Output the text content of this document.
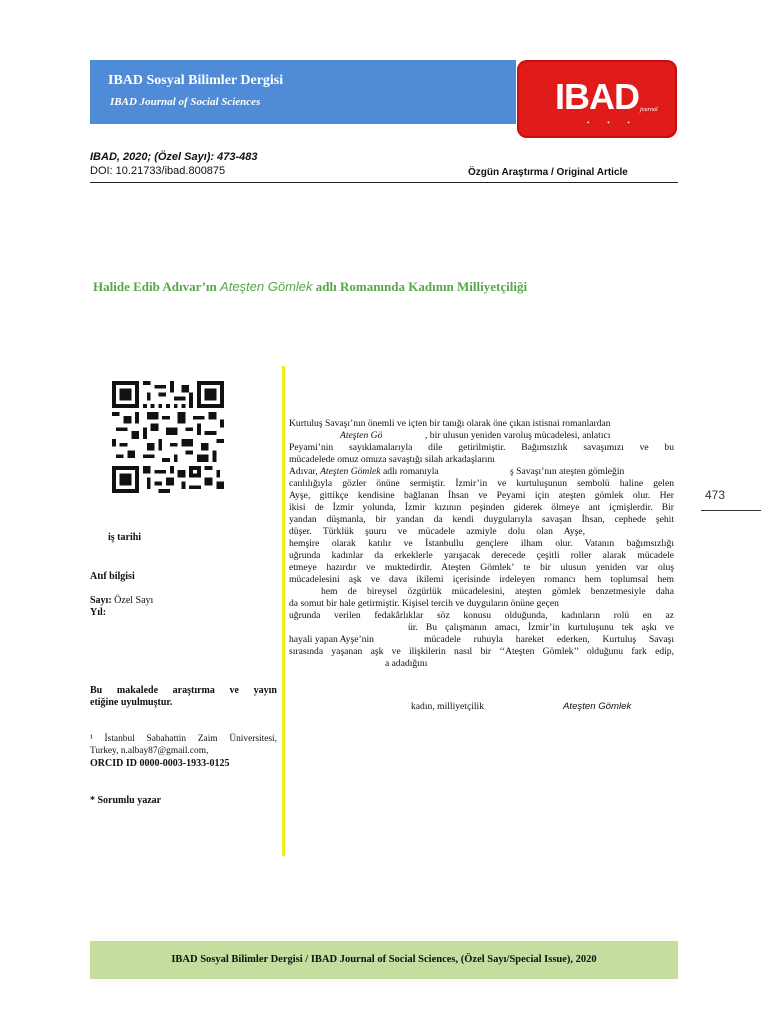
IBAD Sosyal Bilimler Dergisi
IBAD Journal of Social Sciences	IBAD journal
• • •
IBAD, 2020; (Özel Sayı): 473-483
DOI: 10.21733/ibad.800875	Özgün Araştırma / Original Article
Halide Edib Adıvar’ın Ateşten Gömlek adlı Romanında Kadının Milliyetçiliği
iş tarihi
Atıf bilgisi
Sayı: Özel Sayı
Yıl:
Bu makalede araştırma ve yayın
etiğine uyulmuştur.
¹ İstanbul Sabahattin Zaim Üniversitesi,
Turkey, n.albay87@gmail.com,
ORCID ID 0000-0003-1933-0125
* Sorumlu yazar
Kurtuluş Savaşı’nın önemli ve içten bir tanığı olarak öne çıkan istisnai romanlardan
Ateşten Gö	, bir ulusun yeniden varoluş mücadelesi, anlatıcı
Peyami’nin sayıklamalarıyla dile getirilmiştir. Bağımsızlık savaşımızı ve bu
mücadelede omuz omuza savaştığı silah arkadaşlarını
Adıvar, Ateşten Gömlek adlı romanıyla	ş Savaşı’nın ateşten gömleğin
canlılığıyla gözler önüne sermiştir. İzmir’in ve kurtuluşunun sembolü haline gelen
Ayşe, gittikçe kendisine bağlanan İhsan ve Peyami için ateşten gömlek olur. Her
ikisi de İzmir yolunda, İzmir kızının peşinden giderek ölmeye ant içmişlerdir. Bir
yandan düşmanla, bir yandan da kendi duygularıyla savaşan İhsan, cephede şehit
düşer. Türklük şuuru ve mücadele azmiyle dolu olan Ayşe,
hemşire olarak katılır ve İstanbullu gençlere ilham olur. Vatanın bağımsızlığı
uğrunda kadınlar da erkeklerle yarışacak derecede çeşitli roller alarak mücadele
etmeye hazırdır ve muktedirdir. Ateşten Gömlek’ te bir ulusun yeniden var oluş
mücadelesini aşk ve dava ikilemi içerisinde irdeleyen romancı hem toplumsal hem
hem de bireysel özgürlük mücadelesini, ateşten gömlek benzetmesiyle daha
da somut bir hale getirmiştir. Kişisel tercih ve duyguların önüne geçen
uğrunda verilen fedakârlıklar söz konusu olduğunda, kadınların rolü en az
ür. Bu çalışmanın amacı, İzmir’in kurtuluşunu tek aşkı ve
hayali yapan Ayşe’nin	mücadele ruhuyla hareket ederken, Kurtuluş Savaşı
sırasında yaşanan aşk ve ilişkilerin nasıl bir ‘‘Ateşten Gömlek’’ olduğunu fark edip,
a adadığını
kadın, milliyetçilik	Ateşten Gömlek
473
IBAD Sosyal Bilimler Dergisi / IBAD Journal of Social Sciences, (Özel Sayı/Special Issue), 2020
